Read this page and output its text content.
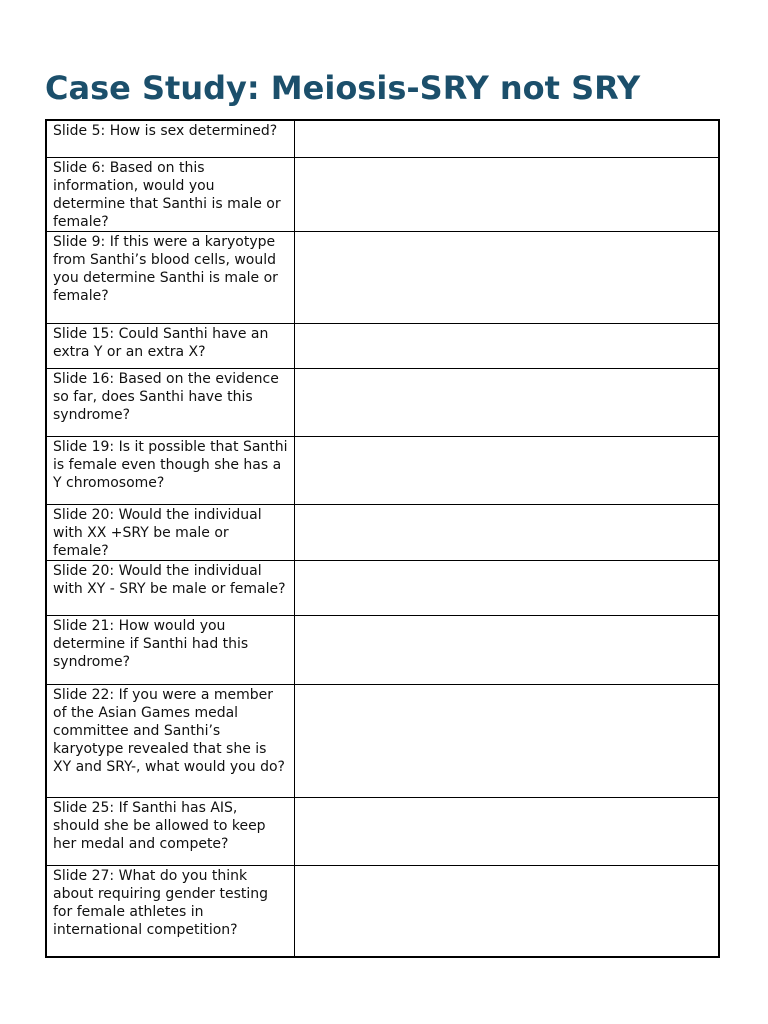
Case Study: Meiosis-SRY not SRY
Slide 5: How is sex determined?	
Slide 6: Based on this information, would you determine that Santhi is male or female?	
Slide 9: If this were a karyotype from Santhi’s blood cells, would you determine Santhi is male or female?	
Slide 15: Could Santhi have an extra Y or an extra X?	
Slide 16: Based on the evidence so far, does Santhi have this syndrome?	
Slide 19: Is it possible that Santhi is female even though she has a Y chromosome?	
Slide 20: Would the individual with XX +SRY be male or female?	
Slide 20: Would the individual with XY - SRY be male or female?	
Slide 21: How would you determine if Santhi had this syndrome?	
Slide 22: If you were a member of the Asian Games medal committee and Santhi’s karyotype revealed that she is XY and SRY-, what would you do?	
Slide 25: If Santhi has AIS, should she be allowed to keep her medal and compete?	
Slide 27: What do you think about requiring gender testing for female athletes in international competition?	
